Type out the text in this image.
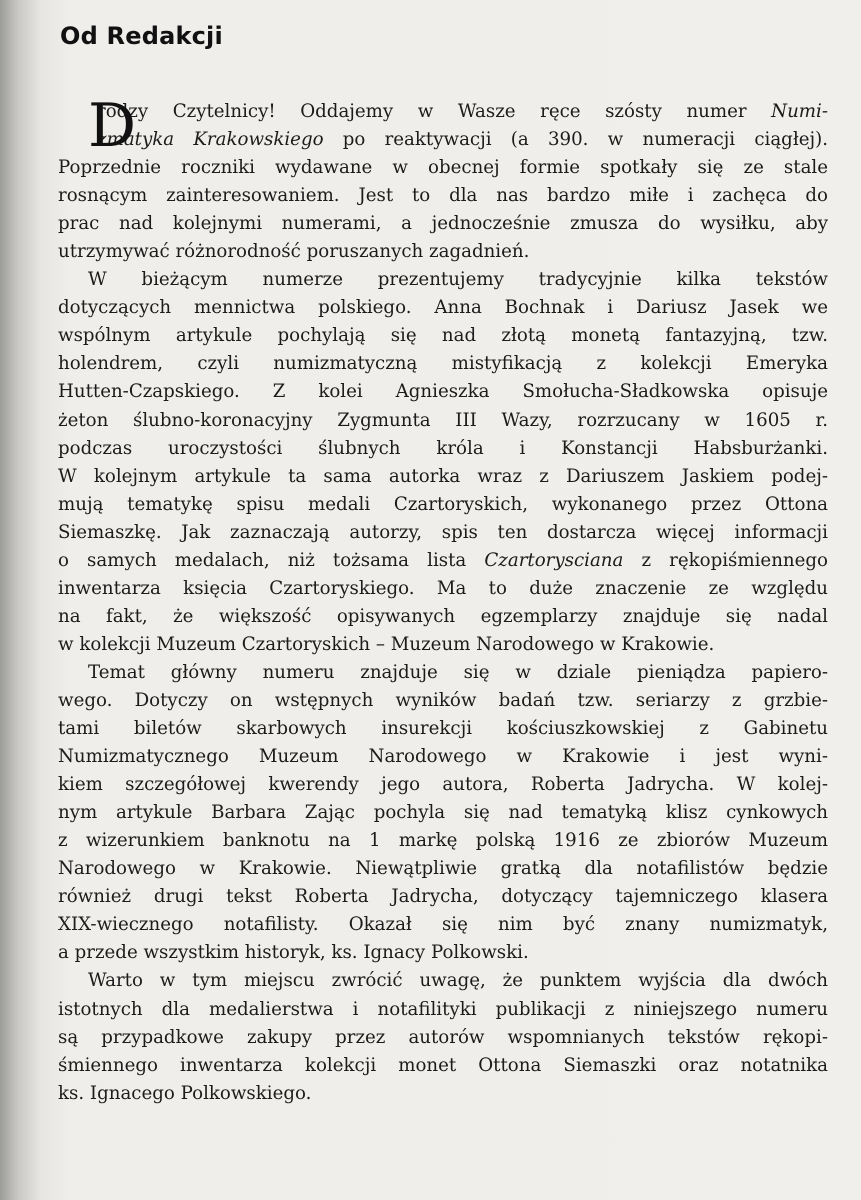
Od Redakcji
D
rodzy Czytelnicy! Oddajemy w Wasze ręce szósty numer Numi-
zmatyka Krakowskiego po reaktywacji (a 390. w numeracji ciągłej).
Poprzednie roczniki wydawane w obecnej formie spotkały się ze stale
rosnącym zainteresowaniem. Jest to dla nas bardzo miłe i zachęca do
prac nad kolejnymi numerami, a jednocześnie zmusza do wysiłku, aby
utrzymywać różnorodność poruszanych zagadnień.
W bieżącym numerze prezentujemy tradycyjnie kilka tekstów
dotyczących mennictwa polskiego. Anna Bochnak i Dariusz Jasek we
wspólnym artykule pochylają się nad złotą monetą fantazyjną, tzw.
holendrem, czyli numizmatyczną mistyfikacją z kolekcji Emeryka
Hutten-Czapskiego. Z kolei Agnieszka Smołucha-Sładkowska opisuje
żeton ślubno-koronacyjny Zygmunta III Wazy, rozrzucany w 1605 r.
podczas uroczystości ślubnych króla i Konstancji Habsburżanki.
W kolejnym artykule ta sama autorka wraz z Dariuszem Jaskiem podej-
mują tematykę spisu medali Czartoryskich, wykonanego przez Ottona
Siemaszkę. Jak zaznaczają autorzy, spis ten dostarcza więcej informacji
o samych medalach, niż tożsama lista Czartorysciana z rękopiśmiennego
inwentarza księcia Czartoryskiego. Ma to duże znaczenie ze względu
na fakt, że większość opisywanych egzemplarzy znajduje się nadal
w kolekcji Muzeum Czartoryskich – Muzeum Narodowego w Krakowie.
Temat główny numeru znajduje się w dziale pieniądza papiero-
wego. Dotyczy on wstępnych wyników badań tzw. seriarzy z grzbie-
tami biletów skarbowych insurekcji kościuszkowskiej z Gabinetu
Numizmatycznego Muzeum Narodowego w Krakowie i jest wyni-
kiem szczegółowej kwerendy jego autora, Roberta Jadrycha. W kolej-
nym artykule Barbara Zając pochyla się nad tematyką klisz cynkowych
z wizerunkiem banknotu na 1 markę polską 1916 ze zbiorów Muzeum
Narodowego w Krakowie. Niewątpliwie gratką dla notafilistów będzie
również drugi tekst Roberta Jadrycha, dotyczący tajemniczego klasera
XIX-wiecznego notafilisty. Okazał się nim być znany numizmatyk,
a przede wszystkim historyk, ks. Ignacy Polkowski.
Warto w tym miejscu zwrócić uwagę, że punktem wyjścia dla dwóch
istotnych dla medalierstwa i notafilityki publikacji z niniejszego numeru
są przypadkowe zakupy przez autorów wspomnianych tekstów rękopi-
śmiennego inwentarza kolekcji monet Ottona Siemaszki oraz notatnika
ks. Ignacego Polkowskiego.
